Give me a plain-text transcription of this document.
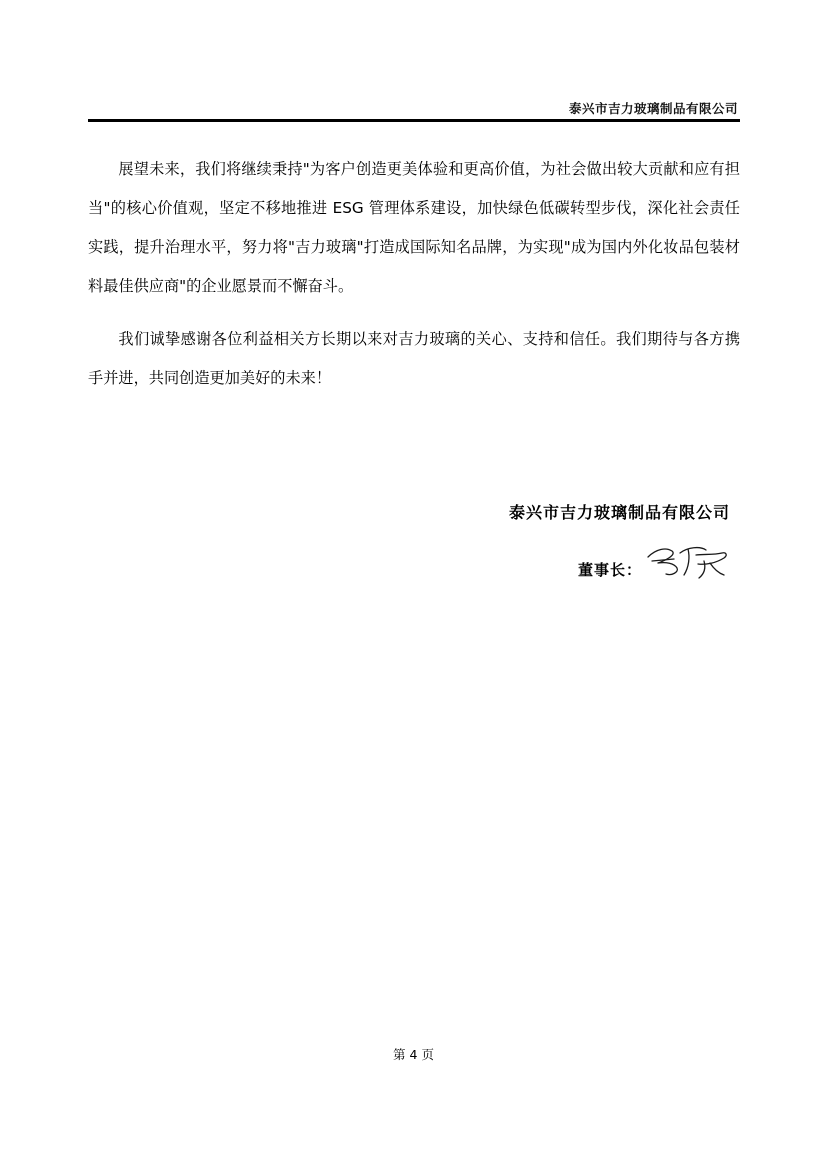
泰兴市吉力玻璃制品有限公司

展望未来，我们将继续秉持"为客户创造更美体验和更高价值，为社会做出较大贡献和应有担当"的核心价值观，坚定不移地推进 ESG 管理体系建设，加快绿色低碳转型步伐，深化社会责任实践，提升治理水平，努力将"吉力玻璃"打造成国际知名品牌，为实现"成为国内外化妆品包装材料最佳供应商"的企业愿景而不懈奋斗。

我们诚挚感谢各位利益相关方长期以来对吉力玻璃的关心、支持和信任。我们期待与各方携手并进，共同创造更加美好的未来！

泰兴市吉力玻璃制品有限公司
董事长：
第 4 页
